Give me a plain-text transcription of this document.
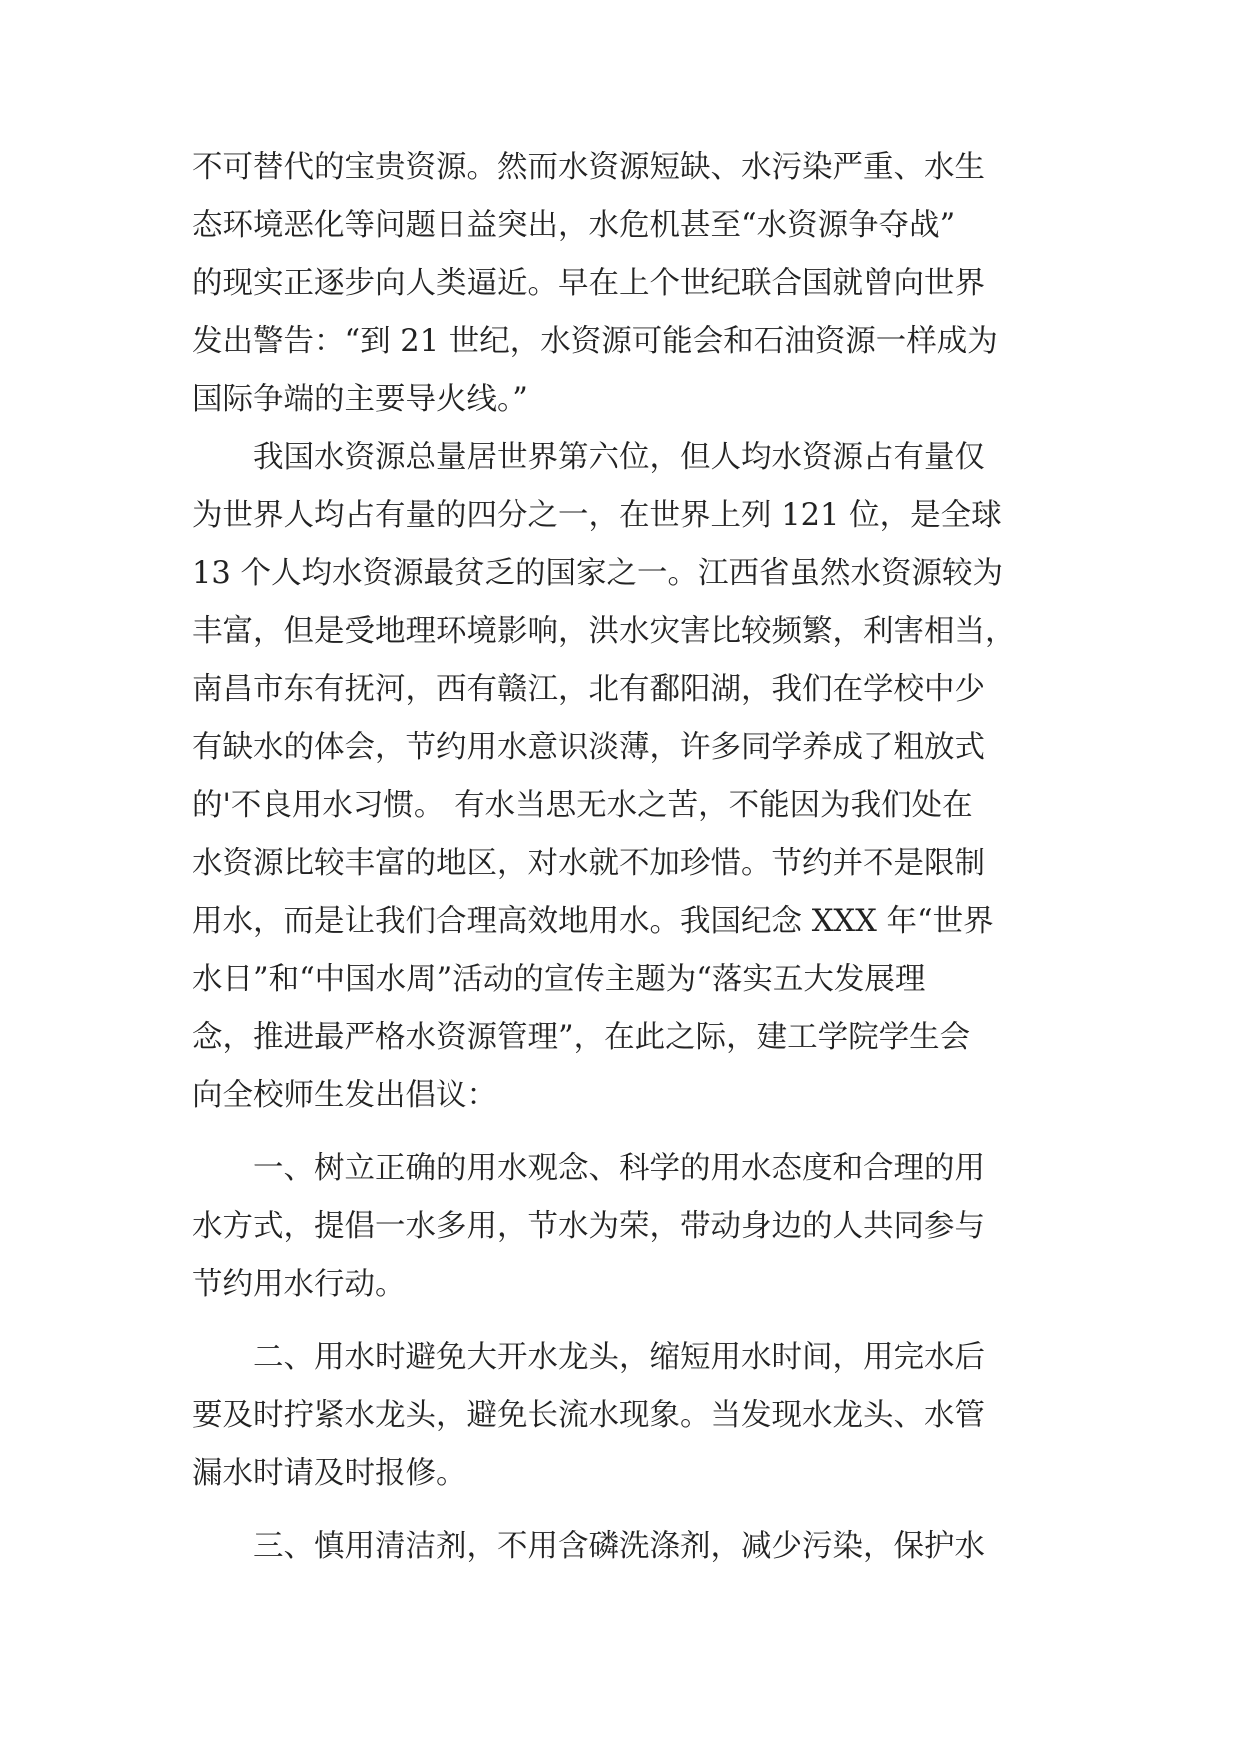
不可替代的宝贵资源。然而水资源短缺、水污染严重、水生
态环境恶化等问题日益突出，水危机甚至“水资源争夺战”
的现实正逐步向人类逼近。早在上个世纪联合国就曾向世界
发出警告：“到 21 世纪，水资源可能会和石油资源一样成为
国际争端的主要导火线。”
我国水资源总量居世界第六位，但人均水资源占有量仅
为世界人均占有量的四分之一，在世界上列 121 位，是全球
13 个人均水资源最贫乏的国家之一。江西省虽然水资源较为
丰富，但是受地理环境影响，洪水灾害比较频繁，利害相当，
南昌市东有抚河，西有赣江，北有鄱阳湖，我们在学校中少
有缺水的体会，节约用水意识淡薄，许多同学养成了粗放式
的'不良用水习惯。 有水当思无水之苦，不能因为我们处在
水资源比较丰富的地区，对水就不加珍惜。节约并不是限制
用水，而是让我们合理高效地用水。我国纪念 XXX 年“世界
水日”和“中国水周”活动的宣传主题为“落实五大发展理
念，推进最严格水资源管理”，在此之际，建工学院学生会
向全校师生发出倡议：
一、树立正确的用水观念、科学的用水态度和合理的用
水方式，提倡一水多用，节水为荣，带动身边的人共同参与
节约用水行动。
二、用水时避免大开水龙头，缩短用水时间，用完水后
要及时拧紧水龙头，避免长流水现象。当发现水龙头、水管
漏水时请及时报修。
三、慎用清洁剂，不用含磷洗涤剂，减少污染，保护水
